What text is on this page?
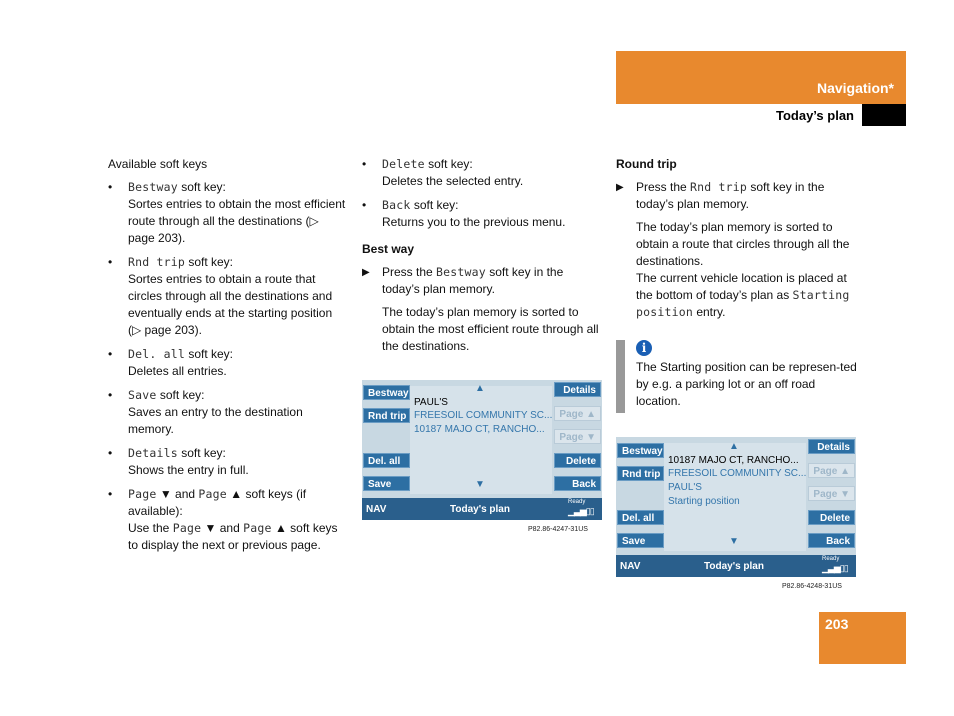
Navigation*
Today’s plan

Available soft keys

• Bestway soft key:
Sortes entries to obtain the most efficient route through all the destinations (▷ page 203).
• Rnd trip soft key:
Sortes entries to obtain a route that circles through all the destinations and eventually ends at the starting position (▷ page 203).
• Del. all soft key:
Deletes all entries.
• Save soft key:
Saves an entry to the destination memory.
• Details soft key:
Shows the entry in full.
• Page ▼ and Page ▲ soft keys (if available):
Use the Page ▼ and Page ▲ soft keys to display the next or previous page.
• Delete soft key:
Deletes the selected entry.
• Back soft key:
Returns you to the previous menu.
Best way
▶ Press the Bestway soft key in the today’s plan memory.

The today’s plan memory is sorted to obtain the most efficient route through all the destinations.

Bestway
Rnd trip
Del. all
Save
Details
Page ▲
Page ▼
Delete
Back
▲
▼
PAUL'S
FREESOIL COMMUNITY SC...
10187 MAJO CT, RANCHO...
NAV	Today's plan
Ready
▁▃▅▯▯
P82.86-4247-31US
Round trip
▶ Press the Rnd trip soft key in the today’s plan memory.

The today’s plan memory is sorted to obtain a route that circles through all the destinations.

The current vehicle location is placed at the bottom of today’s plan as Starting position entry.

i
The Starting position can be represen-ted by e.g. a parking lot or an off road location.
Bestway
Rnd trip
Del. all
Save
Details
Page ▲
Page ▼
Delete
Back
▲
▼
10187 MAJO CT, RANCHO...
FREESOIL COMMUNITY SC...
PAUL'S
Starting position
NAV	Today's plan
Ready
▁▃▅▯▯
P82.86-4248-31US
203
